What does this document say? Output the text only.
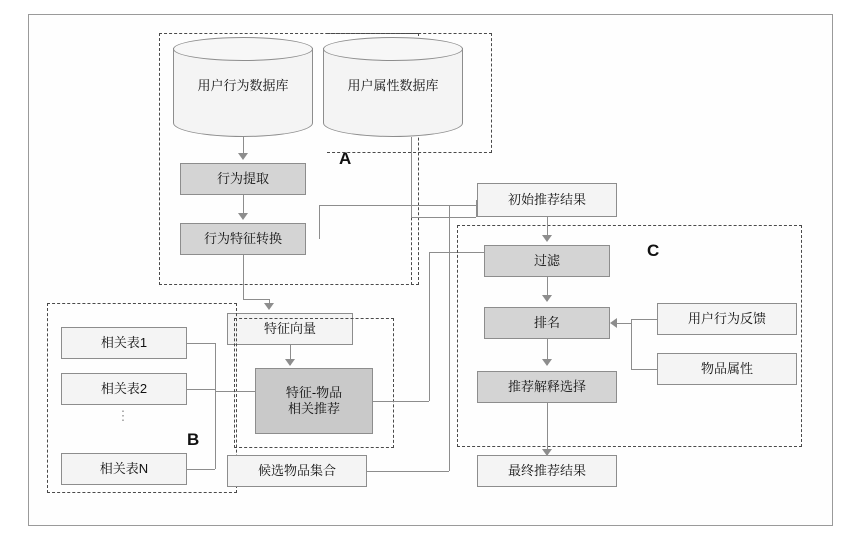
A
用户行为数据库	用户属性数据库
行为提取
行为特征转换
特征向量
B
相关表1
相关表2
⋮
相关表N
特征-物品
相关推荐
候选物品集合
C
初始推荐结果
过滤
排名
推荐解释选择
最终推荐结果
用户行为反馈
物品属性
